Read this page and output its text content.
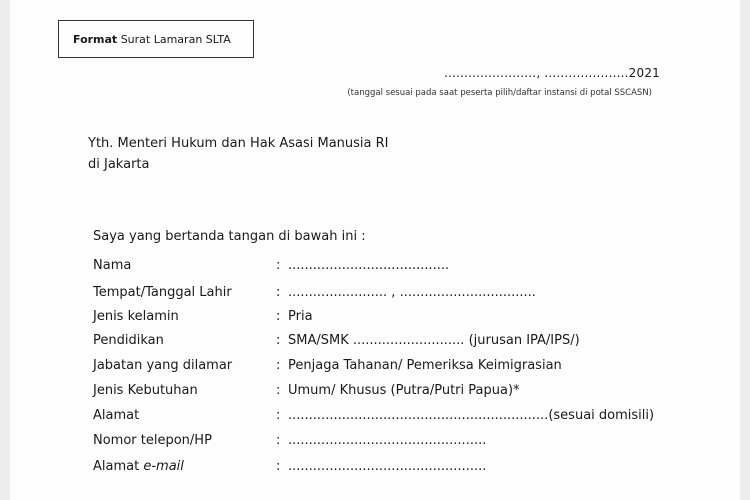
Format Surat Lamaran SLTA
......................., .....................2021
(tanggal sesuai pada saat peserta pilih/daftar instansi di potal SSCASN)
Yth. Menteri Hukum dan Hak Asasi Manusia RI
di Jakarta
Saya yang bertanda tangan di bawah ini :
Nama	: .......................................
Tempat/Tanggal Lahir	: ........................ , .................................
Jenis kelamin	: Pria
Pendidikan	: SMA/SMK ........................... (jurusan IPA/IPS/)
Jabatan yang dilamar	: Penjaga Tahanan/ Pemeriksa Keimigrasian
Jenis Kebutuhan	: Umum/ Khusus (Putra/Putri Papua)*
Alamat	: ...............................................................(sesuai domisili)
Nomor telepon/HP	: ................................................
Alamat e-mail	: ................................................
